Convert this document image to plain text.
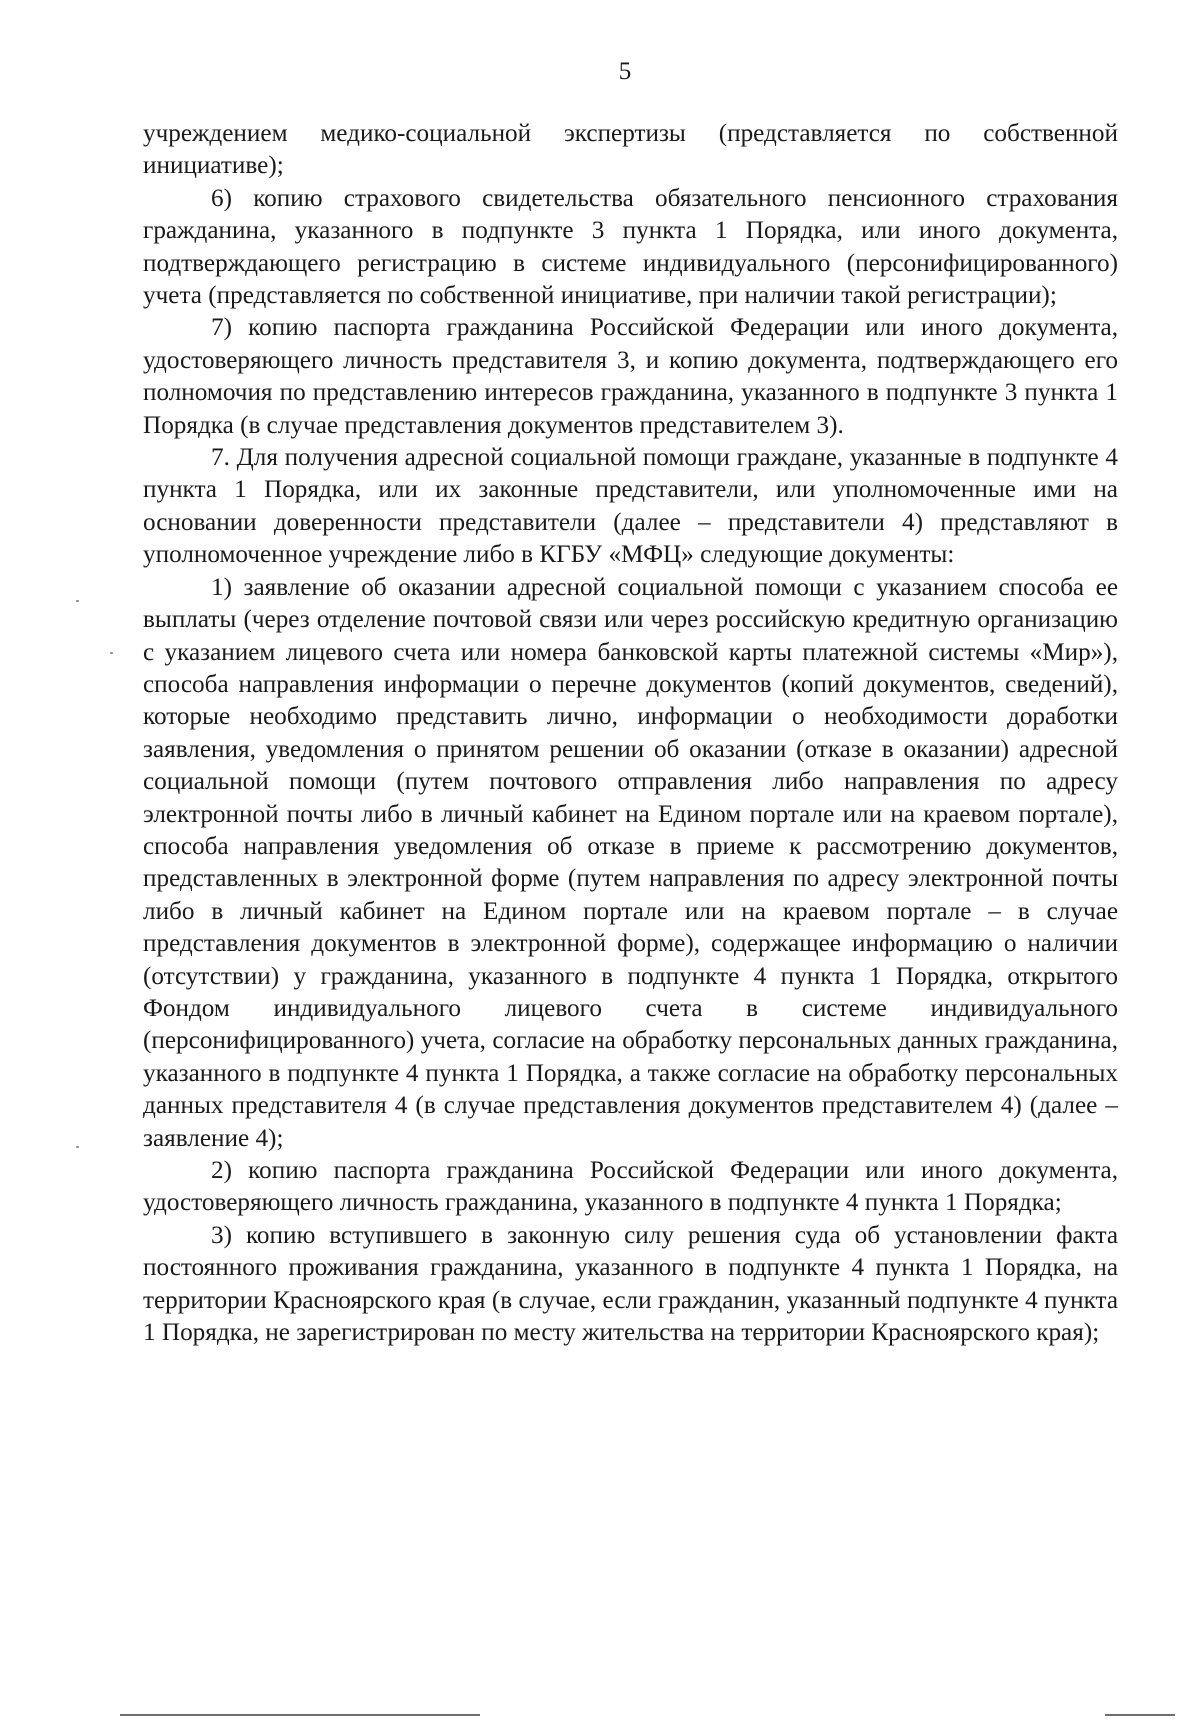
5

учреждением медико-социальной экспертизы (представляется по собственной инициативе);

6) копию страхового свидетельства обязательного пенсионного страхования гражданина, указанного в подпункте 3 пункта 1 Порядка, или иного документа, подтверждающего регистрацию в системе индивидуального (персонифицированного) учета (представляется по собственной инициативе, при наличии такой регистрации);

7) копию паспорта гражданина Российской Федерации или иного документа, удостоверяющего личность представителя 3, и копию документа, подтверждающего его полномочия по представлению интересов гражданина, указанного в подпункте 3 пункта 1 Порядка (в случае представления документов представителем 3).

7. Для получения адресной социальной помощи граждане, указанные в подпункте 4 пункта 1 Порядка, или их законные представители, или уполномоченные ими на основании доверенности представители (далее – представители 4) представляют в уполномоченное учреждение либо в КГБУ «МФЦ» следующие документы:

1) заявление об оказании адресной социальной помощи с указанием способа ее выплаты (через отделение почтовой связи или через российскую кредитную организацию с указанием лицевого счета или номера банковской карты платежной системы «Мир»), способа направления информации о перечне документов (копий документов, сведений), которые необходимо представить лично, информации о необходимости доработки заявления, уведомления о принятом решении об оказании (отказе в оказании) адресной социальной помощи (путем почтового отправления либо направления по адресу электронной почты либо в личный кабинет на Едином портале или на краевом портале), способа направления уведомления об отказе в приеме к рассмотрению документов, представленных в электронной форме (путем направления по адресу электронной почты либо в личный кабинет на Едином портале или на краевом портале – в случае представления документов в электронной форме), содержащее информацию о наличии (отсутствии) у гражданина, указанного в подпункте 4 пункта 1 Порядка, открытого Фондом индивидуального лицевого счета в системе индивидуального (персонифицированного) учета, согласие на обработку персональных данных гражданина, указанного в подпункте 4 пункта 1 Порядка, а также согласие на обработку персональных данных представителя 4 (в случае представления документов представителем 4) (далее – заявление 4);

2) копию паспорта гражданина Российской Федерации или иного документа, удостоверяющего личность гражданина, указанного в подпункте 4 пункта 1 Порядка;

3) копию вступившего в законную силу решения суда об установлении факта постоянного проживания гражданина, указанного в подпункте 4 пункта 1 Порядка, на территории Красноярского края (в случае, если гражданин, указанный подпункте 4 пункта 1 Порядка, не зарегистрирован по месту жительства на территории Красноярского края);
